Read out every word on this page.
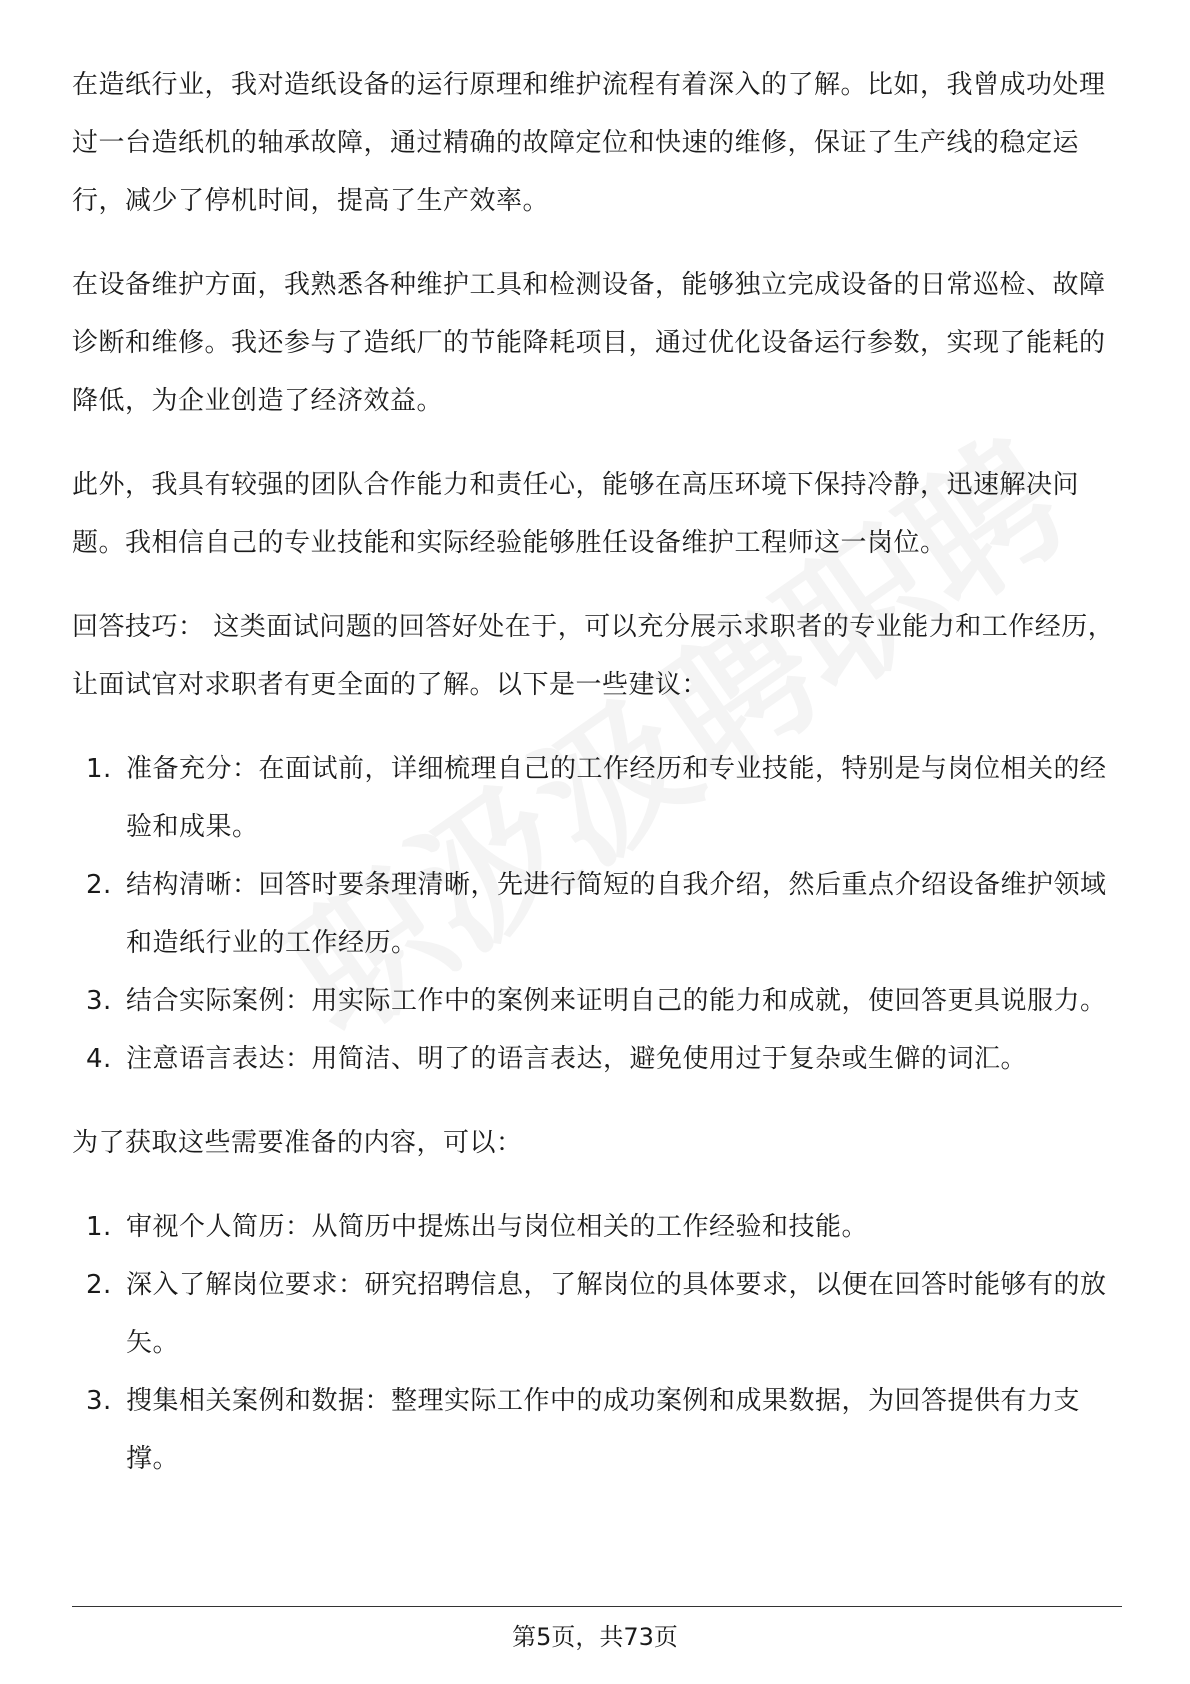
在造纸行业，我对造纸设备的运行原理和维护流程有着深入的了解。比如，我曾成功处理过一台造纸机的轴承故障，通过精确的故障定位和快速的维修，保证了生产线的稳定运行，减少了停机时间，提高了生产效率。

在设备维护方面，我熟悉各种维护工具和检测设备，能够独立完成设备的日常巡检、故障诊断和维修。我还参与了造纸厂的节能降耗项目，通过优化设备运行参数，实现了能耗的降低，为企业创造了经济效益。

此外，我具有较强的团队合作能力和责任心，能够在高压环境下保持冷静，迅速解决问题。我相信自己的专业技能和实际经验能够胜任设备维护工程师这一岗位。

回答技巧： 这类面试问题的回答好处在于，可以充分展示求职者的专业能力和工作经历，让面试官对求职者有更全面的了解。以下是一些建议：

1. 准备充分：在面试前，详细梳理自己的工作经历和专业技能，特别是与岗位相关的经验和成果。
2. 结构清晰：回答时要条理清晰，先进行简短的自我介绍，然后重点介绍设备维护领域和造纸行业的工作经历。
3. 结合实际案例：用实际工作中的案例来证明自己的能力和成就，使回答更具说服力。
4. 注意语言表达：用简洁、明了的语言表达，避免使用过于复杂或生僻的词汇。

为了获取这些需要准备的内容，可以：

1. 审视个人简历：从简历中提炼出与岗位相关的工作经验和技能。
2. 深入了解岗位要求：研究招聘信息，了解岗位的具体要求，以便在回答时能够有的放矢。
3. 搜集相关案例和数据：整理实际工作中的成功案例和成果数据，为回答提供有力支撑。
第5页，共73页
